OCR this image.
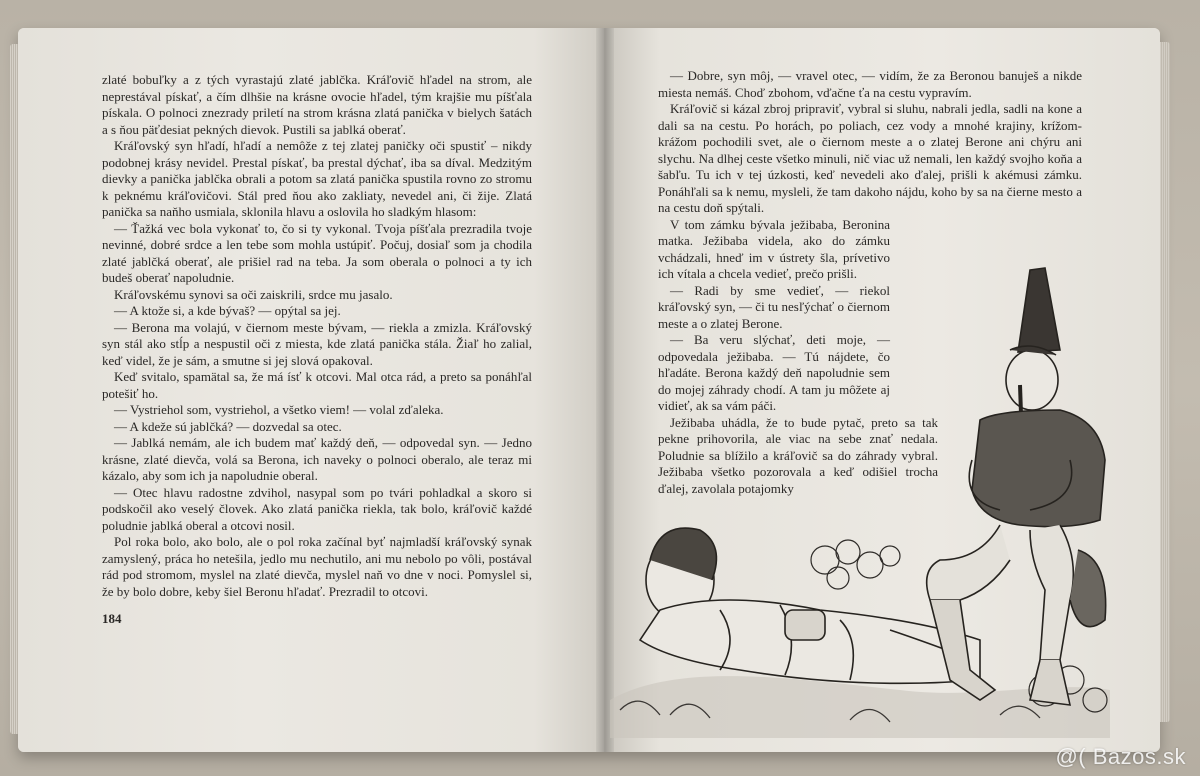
zlaté bobuľky a z tých vyrastajú zlaté jablčka. Kráľovič hľadel na strom, ale neprestával pískať, a čím dlhšie na krásne ovocie hľadel, tým krajšie mu píšťala pískala. O polnoci znezrady priletí na strom krásna zlatá panička v bielych šatách a s ňou päťdesiat pekných dievok. Pustili sa jablká oberať.

Kráľovský syn hľadí, hľadí a nemôže z tej zlatej paničky oči spustiť – nikdy podobnej krásy nevidel. Prestal pískať, ba prestal dýchať, iba sa díval. Medzitým dievky a panička jablčka obrali a potom sa zlatá panička spustila rovno zo stromu k peknému kráľovičovi. Stál pred ňou ako zakliaty, nevedel ani, či žije. Zlatá panička sa naňho usmiala, sklonila hlavu a oslovila ho sladkým hlasom:

— Ťažká vec bola vykonať to, čo si ty vykonal. Tvoja píšťala prezradila tvoje nevinné, dobré srdce a len tebe som mohla ustúpiť. Počuj, dosiaľ som ja chodila zlaté jablčká oberať, ale prišiel rad na teba. Ja som oberala o polnoci a ty ich budeš oberať napoludnie.

Kráľovskému synovi sa oči zaiskrili, srdce mu jasalo.

— A ktože si, a kde bývaš? — opýtal sa jej.

— Berona ma volajú, v čiernom meste bývam, — riekla a zmizla. Kráľovský syn stál ako stĺp a nespustil oči z miesta, kde zlatá panička stála. Žiaľ ho zalial, keď videl, že je sám, a smutne si jej slová opakoval.

Keď svitalo, spamätal sa, že má ísť k otcovi. Mal otca rád, a preto sa ponáhľal potešiť ho.

— Vystriehol som, vystriehol, a všetko viem! — volal zďaleka.

— A kdeže sú jablčká? — dozvedal sa otec.

— Jablká nemám, ale ich budem mať každý deň, — odpovedal syn. — Jedno krásne, zlaté dievča, volá sa Berona, ich naveky o polnoci oberalo, ale teraz mi kázalo, aby som ich ja napoludnie oberal.

— Otec hlavu radostne zdvihol, nasypal som po tvári pohladkal a skoro si podskočil ako veselý človek. Ako zlatá panička riekla, tak bolo, kráľovič každé poludnie jablká oberal a otcovi nosil.

Pol roka bolo, ako bolo, ale o pol roka začínal byť najmladší kráľovský synak zamyslený, práca ho netešila, jedlo mu nechutilo, ani mu nebolo po vôli, postával rád pod stromom, myslel na zlaté dievča, myslel naň vo dne v noci. Pomyslel si, že by bolo dobre, keby šiel Beronu hľadať. Prezradil to otcovi.

184

— Dobre, syn môj, — vravel otec, — vidím, že za Beronou banuješ a nikde miesta nemáš. Choď zbohom, vďačne ťa na cestu vypravím.

Kráľovič si kázal zbroj pripraviť, vybral si sluhu, nabrali jedla, sadli na kone a dali sa na cestu. Po horách, po poliach, cez vody a mnohé krajiny, krížom-krážom pochodili svet, ale o čiernom meste a o zlatej Berone ani chýru ani slychu. Na dlhej ceste všetko minuli, nič viac už nemali, len každý svojho koňa a šabľu. Tu ich v tej úzkosti, keď nevedeli ako ďalej, prišli k akémusi zámku. Ponáhľali sa k nemu, mysleli, že tam dakoho nájdu, koho by sa na čierne mesto a na cestu doň spýtali.

V tom zámku bývala ježibaba, Beronina matka. Ježibaba videla, ako do zámku vchádzali, hneď im v ústrety šla, prívetivo ich vítala a chcela vedieť, prečo prišli.

— Radi by sme vedieť, — riekol kráľovský syn, — či tu nesľýchať o čiernom meste a o zlatej Berone.

— Ba veru slýchať, deti moje, — odpovedala ježibaba. — Tú nájdete, čo hľadáte. Berona každý deň napoludnie sem do mojej záhrady chodí. A tam ju môžete aj vidieť, ak sa vám páči.

Ježibaba uhádla, že to bude pytač, preto sa tak pekne prihovorila, ale viac na sebe znať nedala. Poludnie sa blížilo a kráľovič sa do záhrady vybral. Ježibaba všetko pozorovala a keď odišiel trocha ďalej, zavolala potajomky

@( Bazos.sk
